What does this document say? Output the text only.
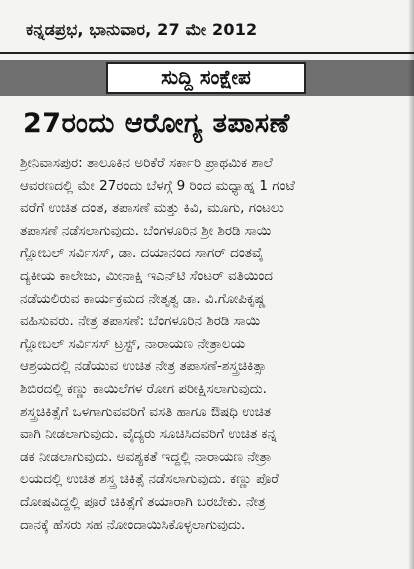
ಕನ್ನಡಪ್ರಭ, ಭಾನುವಾರ, 27 ಮೇ 2012
ಸುದ್ದಿ ಸಂಕ್ಷೇಪ
27ರಂದು ಆರೋಗ್ಯ ತಪಾಸಣೆ
ಶ್ರೀನಿವಾಸಪುರ: ತಾಲೂಕಿನ ಅರಿಕೆರೆ ಸರ್ಕಾರಿ ಪ್ರಾಥಮಿಕ ಶಾಲೆ
ಆವರಣದಲ್ಲಿ ಮೇ 27ರಂದು ಬೆಳಗ್ಗೆ 9 ರಿಂದ ಮಧ್ಯಾಹ್ನ 1 ಗಂಟೆ
ವರೆಗೆ ಉಚಿತ ದಂತ, ತಪಾಸಣೆ ಮತ್ತು ಕಿವಿ, ಮೂಗು, ಗಂಟಲು
ತಪಾಸಣೆ ನಡೆಸಲಾಗುವುದು. ಬೆಂಗಳೂರಿನ ಶ್ರೀ ಶಿರಡಿ ಸಾಯಿ
ಗ್ಲೋಬಲ್ ಸರ್ವಿಸಸ್, ಡಾ. ದಯಾನಂದ ಸಾಗರ್ ದಂತವೈ
ದ್ಯಕೀಯ ಕಾಲೇಜು, ಮೀನಾಕ್ಷಿ ಇಎನ್‌ಟಿ ಸೆಂಟರ್ ವತಿಯಿಂದ
ನಡೆಯಲಿರುವ ಕಾರ್ಯಕ್ರಮದ ನೇತೃತ್ವ ಡಾ. ವಿ.ಗೋಪಿಕೃಷ್ಣ
ವಹಿಸುವರು. ನೇತ್ರ ತಪಾಸಣೆ: ಬೆಂಗಳೂರಿನ ಶಿರಡಿ ಸಾಯಿ
ಗ್ಲೋಬಲ್ ಸರ್ವಿಸಸ್ ಟ್ರಸ್ಟ್, ನಾರಾಯಣ ನೇತ್ರಾಲಯ
ಆಶ್ರಯದಲ್ಲಿ ನಡೆಯುವ ಉಚಿತ ನೇತ್ರ ತಪಾಸಣೆ-ಶಸ್ತ್ರಚಿಕಿತ್ಸಾ
ಶಿಬಿರದಲ್ಲಿ ಕಣ್ಣು ಕಾಯಿಲೆಗಳ ರೋಗ ಪರೀಕ್ಷಿಸಲಾಗುವುದು.
ಶಸ್ತ್ರಚಿಕಿತ್ಸೆಗೆ ಒಳಗಾಗುವವರಿಗೆ ವಸತಿ ಹಾಗೂ ಔಷಧಿ ಉಚಿತ
ವಾಗಿ ನೀಡಲಾಗುವುದು. ವೈದ್ಯರು ಸೂಚಿಸಿದವರಿಗೆ ಉಚಿತ ಕನ್ನ
ಡಕ ನೀಡಲಾಗುವುದು. ಅವಶ್ಯಕತೆ ಇದ್ದಲ್ಲಿ ನಾರಾಯಣ ನೇತ್ರಾ
ಲಯದಲ್ಲಿ ಉಚಿತ ಶಸ್ತ್ರ ಚಿಕಿತ್ಸೆ ನಡೆಸಲಾಗುವುದು. ಕಣ್ಣು ಪೊರೆ
ದೋಷವಿದ್ದಲ್ಲಿ ಪೂರೆ ಚಿಕಿತ್ಸೆಗೆ ತಯಾರಾಗಿ ಬರಬೇಕು. ನೇತ್ರ
ದಾನಕ್ಕೆ ಹೆಸರು ಸಹ ನೋಂದಾಯಿಸಿಕೊಳ್ಳಲಾಗುವುದು.
